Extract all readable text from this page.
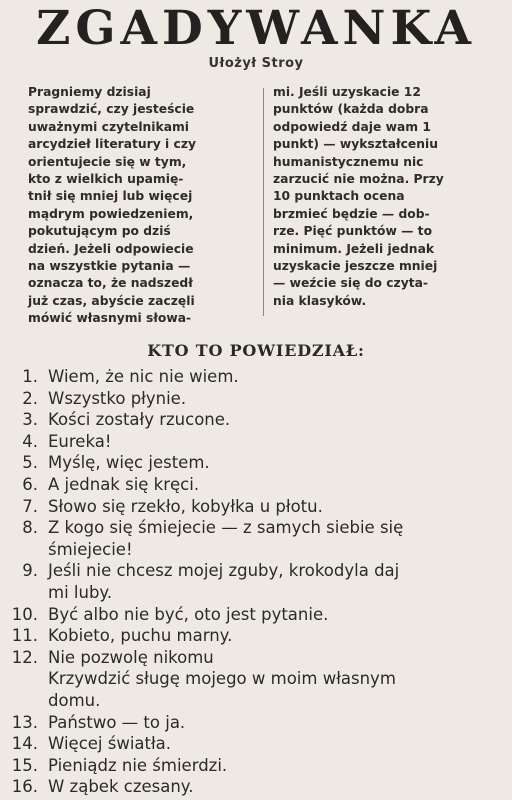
ZGADYWANKA
Ułożył Stroy
Pragniemy dzisiaj
sprawdzić, czy jesteście
uważnymi czytelnikami
arcydzieł literatury i czy
orientujecie się w tym,
kto z wielkich upamię-
tnił się mniej lub więcej
mądrym powiedzeniem,
pokutującym po dziś
dzień. Jeżeli odpowiecie
na wszystkie pytania —
oznacza to, że nadszedł
już czas, abyście zaczęli
mówić własnymi słowa-
mi. Jeśli uzyskacie 12
punktów (każda dobra
odpowiedź daje wam 1
punkt) — wykształceniu
humanistycznemu nic
zarzucić nie można. Przy
10 punktach ocena
brzmieć będzie — dob-
rze. Pięć punktów — to
minimum. Jeżeli jednak
uzyskacie jeszcze mniej
— weźcie się do czyta-
nia klasyków.
KTO TO POWIEDZIAŁ:
1. Wiem, że nic nie wiem.
2. Wszystko płynie.
3. Kości zostały rzucone.
4. Eureka!
5. Myślę, więc jestem.
6. A jednak się kręci.
7. Słowo się rzekło, kobyłka u płotu.
8. Z kogo się śmiejecie — z samych siebie się
śmiejecie!
9. Jeśli nie chcesz mojej zguby, krokodyla daj
mi luby.
10. Być albo nie być, oto jest pytanie.
11. Kobieto, puchu marny.
12. Nie pozwolę nikomu
Krzywdzić sługę mojego w moim własnym
domu.
13. Państwo — to ja.
14. Więcej światła.
15. Pieniądz nie śmierdzi.
16. W ząbek czesany.
